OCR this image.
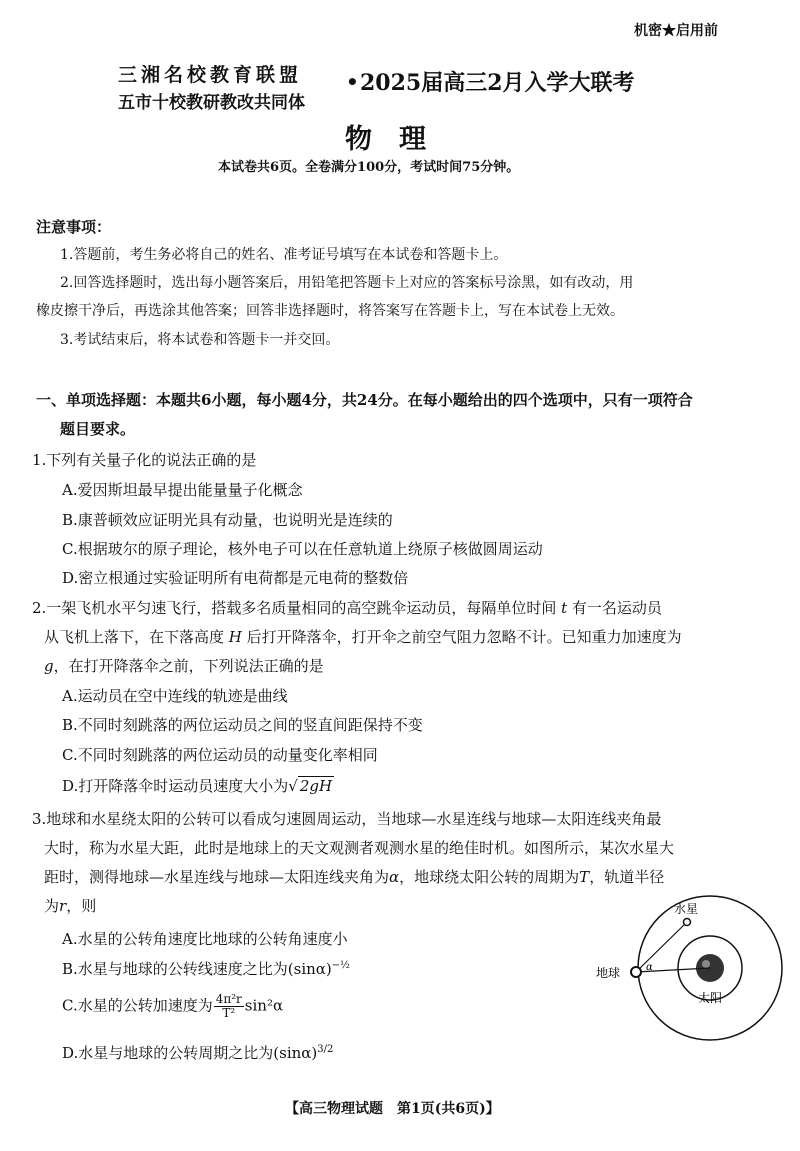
机密★启用前
三湘名校教育联盟
五市十校教研教改共同体
• 2025届高三2月入学大联考
物　理
本试卷共6页。全卷满分100分，考试时间75分钟。
注意事项：
1.答题前，考生务必将自己的姓名、准考证号填写在本试卷和答题卡上。
2.回答选择题时，选出每小题答案后，用铅笔把答题卡上对应的答案标号涂黑，如有改动，用
橡皮擦干净后，再选涂其他答案；回答非选择题时，将答案写在答题卡上，写在本试卷上无效。
3.考试结束后，将本试卷和答题卡一并交回。
一、单项选择题：本题共6小题，每小题4分，共24分。在每小题给出的四个选项中，只有一项符合
题目要求。
1.下列有关量子化的说法正确的是
A.爱因斯坦最早提出能量量子化概念
B.康普顿效应证明光具有动量，也说明光是连续的
C.根据玻尔的原子理论，核外电子可以在任意轨道上绕原子核做圆周运动
D.密立根通过实验证明所有电荷都是元电荷的整数倍
2.一架飞机水平匀速飞行，搭载多名质量相同的高空跳伞运动员，每隔单位时间 t 有一名运动员
从飞机上落下，在下落高度 H 后打开降落伞，打开伞之前空气阻力忽略不计。已知重力加速度为
g，在打开降落伞之前，下列说法正确的是
A.运动员在空中连线的轨迹是曲线
B.不同时刻跳落的两位运动员之间的竖直间距保持不变
C.不同时刻跳落的两位运动员的动量变化率相同
D.打开降落伞时运动员速度大小为√ 2gH
3.地球和水星绕太阳的公转可以看成匀速圆周运动，当地球—水星连线与地球—太阳连线夹角最
大时，称为水星大距，此时是地球上的天文观测者观测水星的绝佳时机。如图所示，某次水星大
距时，测得地球—水星连线与地球—太阳连线夹角为α，地球绕太阳公转的周期为T，轨道半径
为r，则
A.水星的公转角速度比地球的公转角速度小
B.水星与地球的公转线速度之比为$(\sin\alpha)^{-\frac{1}{2}}$
C.水星的公转加速度为 $\frac{\text{4π²r}}{\text{T²}} \sin^2\alpha$
D.水星与地球的公转周期之比为$(\sin\alpha)^{3/2}$
水星
地球
太阳
α
【高三物理试题　第1页(共6页)】
